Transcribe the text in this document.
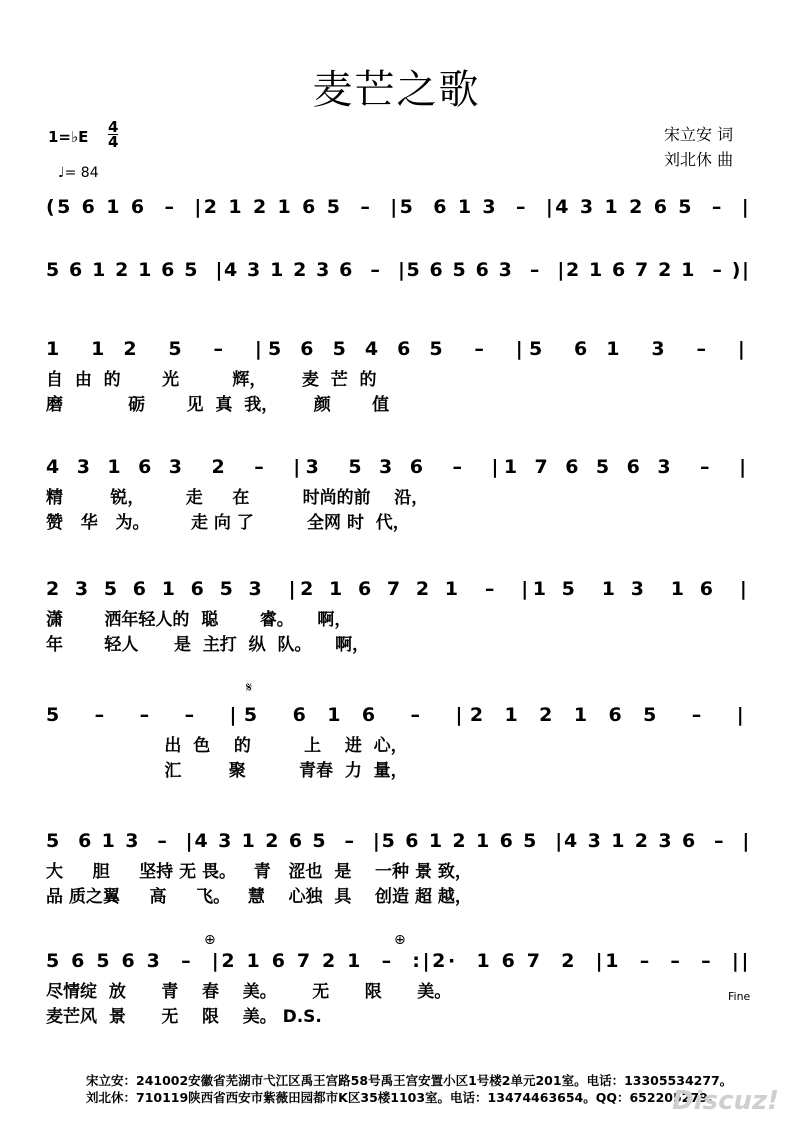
麦芒之歌
1=♭E
4
4
♩= 84
宋立安 词
刘北休 曲
(5 6 1 6  –  |2 1 2 1 6 5  –  |5  6 1 3  –  |4 3 1 2 6 5  –  |
5 6 1 2 1 6 5  |4 3 1 2 3 6  –  |5 6 5 6 3  –  |2 1 6 7 2 1  – )|
1  1 2  5  –  |5 6 5 4 6 5  –  |5  6 1  3  –  |
自  由  的       光         辉，      麦  芒  的
磨           砺       见  真  我，      颜       值
4 3 1 6 3  2  –  |3  5 3 6  –  |1 7 6 5 6 3  –  |
精        锐，       走     在         时尚的前    沿，
赞   华   为。       走 向 了         全网 时  代，
2 3 5 6 1 6 5 3  |2 1 6 7 2 1  –  |1 5  1 3  1 6  |
潇       洒年轻人的  聪       睿。    啊，
年       轻人      是  主打  纵  队。    啊，
5  –  –  –  |5  6 1 6  –  |2 1 2 1 6 5  –  |
出  色    的         上    进  心，
汇        聚         青春  力  量，
5  6 1 3  –  |4 3 1 2 6 5  –  |5 6 1 2 1 6 5  |4 3 1 2 3 6  –  |
大     胆     坚持 无 畏。   青   涩也  是    一种 景 致，
品 质之翼     高     飞。   慧    心独  具    创造 超 越，
5 6 5 6 3  –  |2 1 6 7 2 1  –  :|2·  1 6 7  2  |1  –  –  –  ||
尽情绽  放      青    春    美。      无      限      美。
麦芒风  景      无    限    美。 D.S.
𝄋
⊕	⊕
Fine
宋立安：241002安徽省芜湖市弋江区禹王宫路58号禹王宫安置小区1号楼2单元201室。电话：13305534277。
刘北休：710119陕西省西安市紫薇田园都市K区35楼1103室。电话：13474463654。QQ：652205279。
Discuz!
